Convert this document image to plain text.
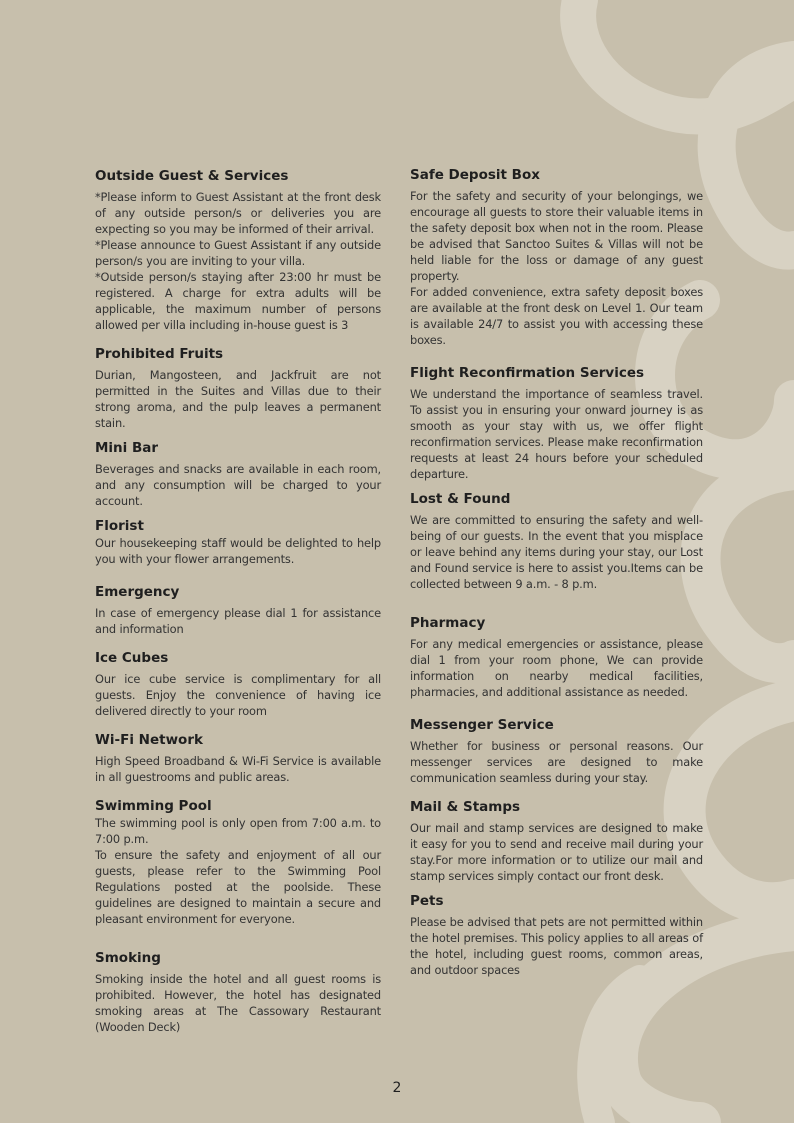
Outside Guest & Services

*Please inform to Guest Assistant at the front desk of any outside person/s or deliveries you are expecting so you may be informed of their arrival.

*Please announce to Guest Assistant if any outside person/s you are inviting to your villa.

*Outside person/s staying after 23:00 hr must be registered. A charge for extra adults will be applicable, the maximum number of persons allowed per villa including in-house guest is 3

Prohibited Fruits

Durian, Mangosteen, and Jackfruit are not permitted in the Suites and Villas due to their strong aroma, and the pulp leaves a permanent stain.

Mini Bar

Beverages and snacks are available in each room, and any consumption will be charged to your account.

Florist

Our housekeeping staff would be delighted to help you with your flower arrangements.

Emergency

In case of emergency please dial 1 for assistance and information

Ice Cubes

Our ice cube service is complimentary for all guests. Enjoy the convenience of having ice delivered directly to your room

Wi-Fi Network

High Speed Broadband & Wi-Fi Service is available in all guestrooms and public areas.

Swimming Pool

The swimming pool is only open from 7:00 a.m. to 7:00 p.m.

To ensure the safety and enjoyment of all our guests, please refer to the Swimming Pool Regulations posted at the poolside. These guidelines are designed to maintain a secure and pleasant environment for everyone.

Smoking

Smoking inside the hotel and all guest rooms is prohibited. However, the hotel has designated smoking areas at The Cassowary Restaurant (Wooden Deck)

Safe Deposit Box

For the safety and security of your belongings, we encourage all guests to store their valuable items in the safety deposit box when not in the room. Please be advised that Sanctoo Suites & Villas will not be held liable for the loss or damage of any guest property.

For added convenience, extra safety deposit boxes are available at the front desk on Level 1. Our team is available 24/7 to assist you with accessing these boxes.

Flight Reconfirmation Services

We understand the importance of seamless travel. To assist you in ensuring your onward journey is as smooth as your stay with us, we offer flight reconfirmation services. Please make reconfirmation requests at least 24 hours before your scheduled departure.

Lost & Found

We are committed to ensuring the safety and well-being of our guests. In the event that you misplace or leave behind any items during your stay, our Lost and Found service is here to assist you.Items can be collected between 9 a.m. - 8 p.m.

Pharmacy

For any medical emergencies or assistance, please dial 1 from your room phone, We can provide information on nearby medical facilities, pharmacies, and additional assistance as needed.

Messenger Service

Whether for business or personal reasons. Our messenger services are designed to make communication seamless during your stay.

Mail & Stamps

Our mail and stamp services are designed to make it easy for you to send and receive mail during your stay.For more information or to utilize our mail and stamp services simply contact our front desk.

Pets

Please be advised that pets are not permitted within the hotel premises. This policy applies to all areas of the hotel, including guest rooms, common areas, and outdoor spaces

2
